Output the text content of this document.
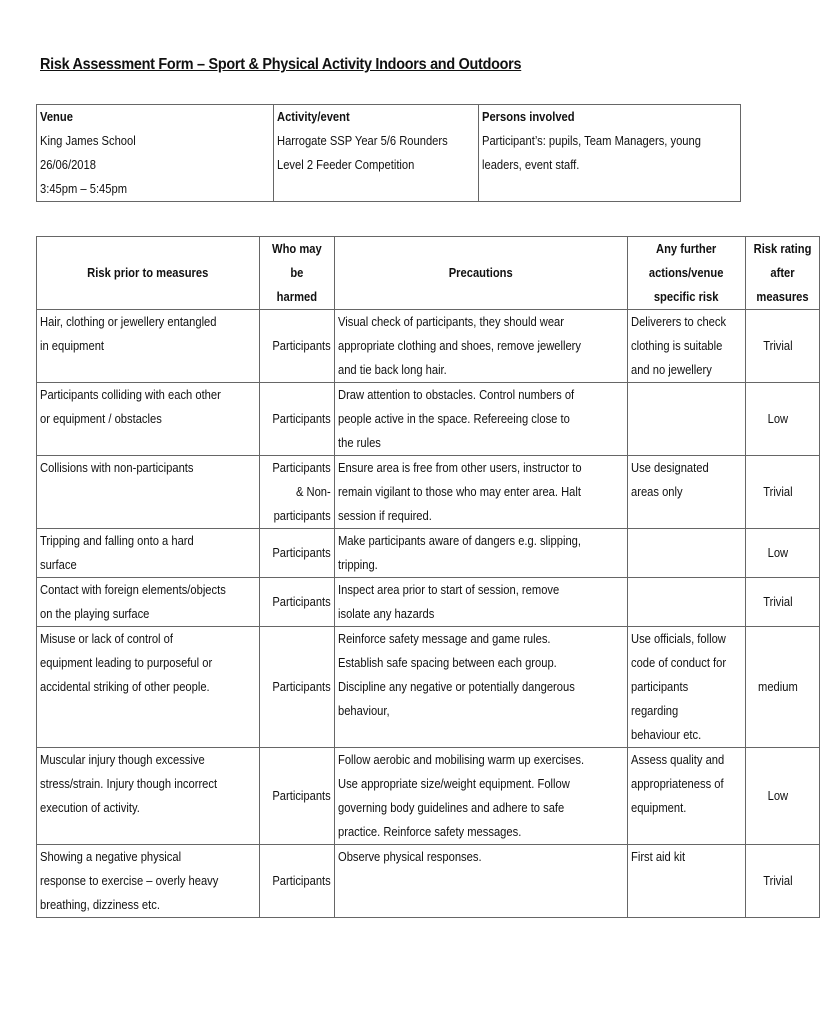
Risk Assessment Form – Sport & Physical Activity Indoors and Outdoors
Venue
King James School
26/06/2018
3:45pm – 5:45pm

Activity/event
Harrogate SSP Year 5/6 Rounders
Level 2 Feeder Competition

Persons involved
Participant’s: pupils, Team Managers, young
leaders, event staff.
Risk prior to measures	Who may
be
harmed	Precautions	Any further
actions/venue
specific risk	Risk rating
after
measures

Hair, clothing or jewellery entangled
in equipment	Participants	Visual check of participants, they should wear
appropriate clothing and shoes, remove jewellery
and tie back long hair.	Deliverers to check
clothing is suitable
and no jewellery	Trivial

Participants colliding with each other
or equipment / obstacles	Participants	Draw attention to obstacles. Control numbers of
people active in the space. Refereeing close to
the rules		Low

Collisions with non-participants	Participants
& Non-
participants	Ensure area is free from other users, instructor to
remain vigilant to those who may enter area. Halt
session if required.	Use designated
areas only	Trivial

Tripping and falling onto a hard
surface	Participants	Make participants aware of dangers e.g. slipping,
tripping.		Low

Contact with foreign elements/objects
on the playing surface	Participants	Inspect area prior to start of session, remove
isolate any hazards		Trivial

Misuse or lack of control of
equipment leading to purposeful or
accidental striking of other people.	Participants	Reinforce safety message and game rules.
Establish safe spacing between each group.
Discipline any negative or potentially dangerous
behaviour,	Use officials, follow
code of conduct for
participants
regarding
behaviour etc.	medium

Muscular injury though excessive
stress/strain. Injury though incorrect
execution of activity.	Participants	Follow aerobic and mobilising warm up exercises.
Use appropriate size/weight equipment. Follow
governing body guidelines and adhere to safe
practice. Reinforce safety messages.	Assess quality and
appropriateness of
equipment.	Low

Showing a negative physical
response to exercise – overly heavy
breathing, dizziness etc.	Participants	Observe physical responses.	First aid kit	Trivial
